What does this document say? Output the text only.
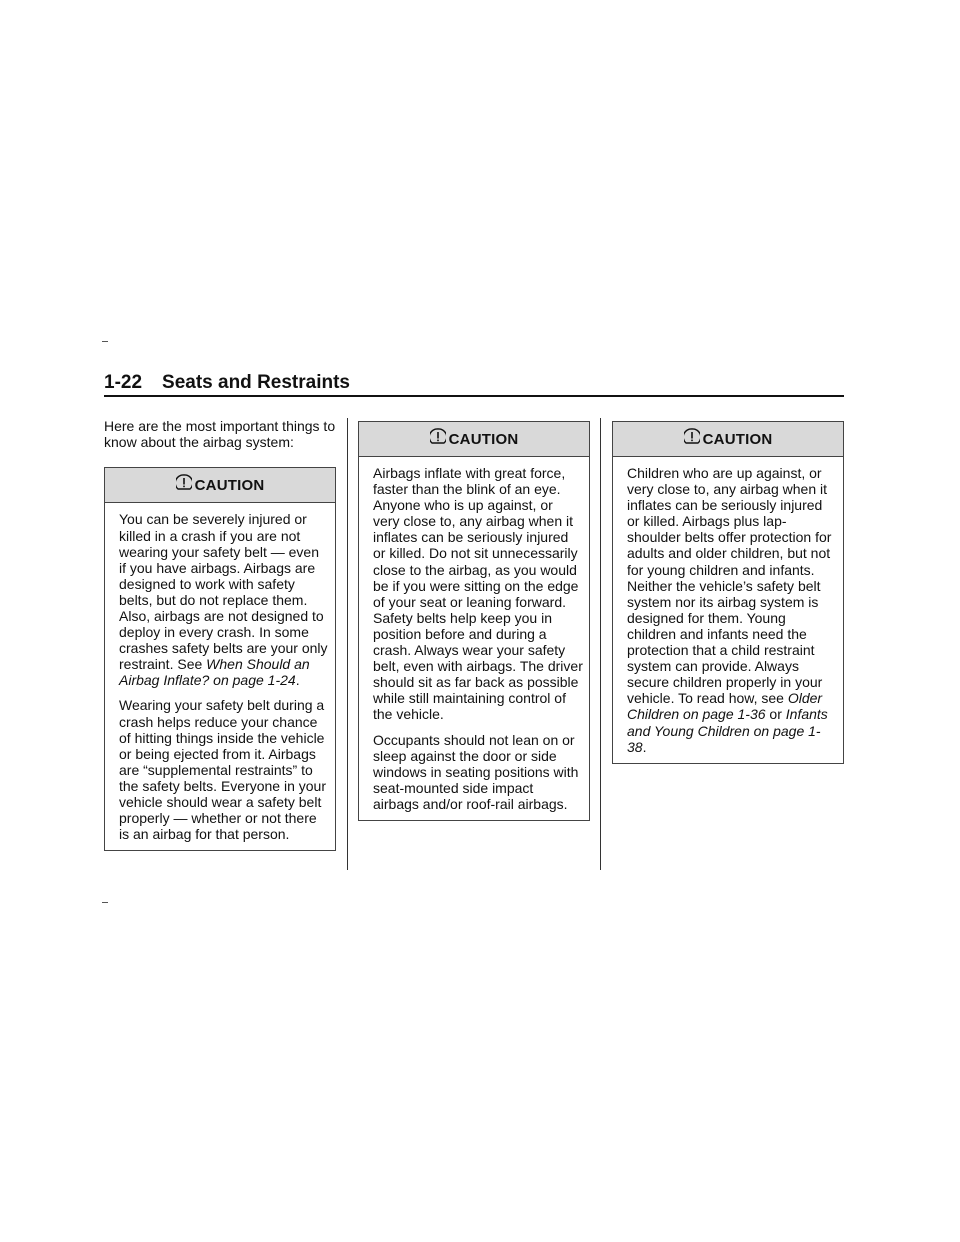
1-22 Seats and Restraints

Here are the most important things to know about the airbag system:

CAUTION

You can be severely injured or killed in a crash if you are not wearing your safety belt — even if you have airbags. Airbags are designed to work with safety belts, but do not replace them. Also, airbags are not designed to deploy in every crash. In some crashes safety belts are your only restraint. See When Should an Airbag Inflate? on page 1-24.

Wearing your safety belt during a crash helps reduce your chance of hitting things inside the vehicle or being ejected from it. Airbags are “supplemental restraints” to the safety belts. Everyone in your vehicle should wear a safety belt properly — whether or not there is an airbag for that person.

CAUTION

Airbags inflate with great force, faster than the blink of an eye. Anyone who is up against, or very close to, any airbag when it inflates can be seriously injured or killed. Do not sit unnecessarily close to the airbag, as you would be if you were sitting on the edge of your seat or leaning forward. Safety belts help keep you in position before and during a crash. Always wear your safety belt, even with airbags. The driver should sit as far back as possible while still maintaining control of the vehicle.

Occupants should not lean on or sleep against the door or side windows in seating positions with seat-mounted side impact airbags and/or roof-rail airbags.

CAUTION

Children who are up against, or very close to, any airbag when it inflates can be seriously injured or killed. Airbags plus lap-shoulder belts offer protection for adults and older children, but not for young children and infants. Neither the vehicle’s safety belt system nor its airbag system is designed for them. Young children and infants need the protection that a child restraint system can provide. Always secure children properly in your vehicle. To read how, see Older Children on page 1-36 or Infants and Young Children on page 1-38.
